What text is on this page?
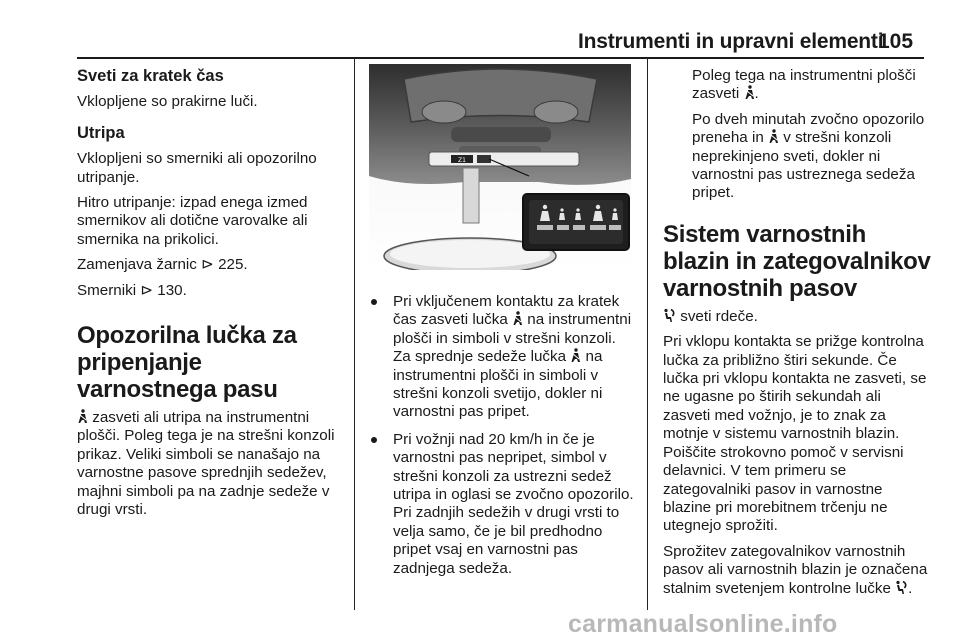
Instrumenti in upravni elementi
105
Sveti za kratek čas

Vklopljene so prakirne luči.

Utripa

Vklopljeni so smerniki ali opozorilno utripanje.

Hitro utripanje: izpad enega izmed smernikov ali dotične varovalke ali smernika na prikolici.

Zamenjava žarnic ⊳ 225.

Smerniki ⊳ 130.

Opozorilna lučka za pripenjanje varnostnega pasu

zasveti ali utripa na instrumentni plošči. Poleg tega je na strešni konzoli prikaz. Veliki simboli se nanašajo na varnostne pasove sprednjih sedežev, majhni simboli pa na zadnje sedeže v drugi vrsti.

Z1
Pri vključenem kontaktu za kratek čas zasveti lučka na instrumentni plošči in simboli v strešni konzoli. Za sprednje sedeže lučka na instrumentni plošči in simboli v strešni konzoli svetijo, dokler ni varnostni pas pripet.
Pri vožnji nad 20 km/h in če je varnostni pas nepripet, simbol v strešni konzoli za ustrezni sedež utripa in oglasi se zvočno opozorilo. Pri zadnjih sedežih v drugi vrsti to velja samo, če je bil predhodno pripet vsaj en varnostni pas zadnjega sedeža.

Poleg tega na instrumentni plošči zasveti .

Po dveh minutah zvočno opozorilo preneha in v strešni konzoli neprekinjeno sveti, dokler ni varnostni pas ustreznega sedeža pripet.

Sistem varnostnih blazin in zategovalnikov varnostnih pasov

sveti rdeče.

Pri vklopu kontakta se prižge kontrolna lučka za približno štiri sekunde. Če lučka pri vklopu kontakta ne zasveti, se ne ugasne po štirih sekundah ali zasveti med vožnjo, je to znak za motnje v sistemu varnostnih blazin. Poiščite strokovno pomoč v servisni delavnici. V tem primeru se zategovalniki pasov in varnostne blazine pri morebitnem trčenju ne utegnejo sprožiti.

Sprožitev zategovalnikov varnostnih pasov ali varnostnih blazin je označena stalnim svetenjem kontrolne lučke .

carmanualsonline.info
